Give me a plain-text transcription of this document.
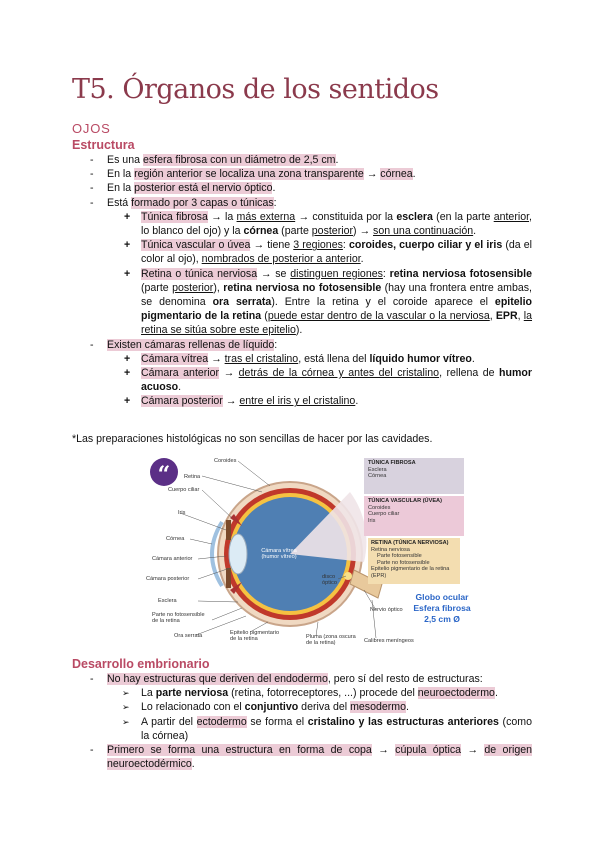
T5. Órganos de los sentidos
OJOS
Estructura
- Es una esfera fibrosa con un diámetro de 2,5 cm.
- En la región anterior se localiza una zona transparente → córnea.
- En la posterior está el nervio óptico.
- Está formado por 3 capas o túnicas:
+ Túnica fibrosa → la más externa → constituida por la esclera (en la parte anterior, lo blanco del ojo) y la córnea (parte posterior) → son una continuación.
+ Túnica vascular o úvea → tiene 3 regiones: coroides, cuerpo ciliar y el iris (da el color al ojo), nombrados de posterior a anterior.
+ Retina o túnica nerviosa → se distinguen regiones: retina nerviosa fotosensible (parte posterior), retina nerviosa no fotosensible (hay una frontera entre ambas, se denomina ora serrata). Entre la retina y el coroide aparece el epitelio pigmentario de la retina (puede estar dentro de la vascular o la nerviosa, EPR, la retina se sitúa sobre este epitelio).
- Existen cámaras rellenas de líquido:
+ Cámara vítrea → tras el cristalino, está llena del líquido humor vítreo.
+ Cámara anterior → detrás de la córnea y antes del cristalino, rellena de humor acuoso.
+ Cámara posterior → entre el iris y el cristalino.
*Las preparaciones histológicas no son sencillas de hacer por las cavidades.
“
Coroides
Retina
Cuerpo ciliar
Iris
Córnea
Cámara anterior
Cámara posterior
Esclera
Parte no fotosensible de la retina
Ora serrata	Epitelio pigmentario de la retina	Pluma (zona oscura de la retina)
Cámara vítrea (humor vítreo)
disco óptico
Nervio óptico
Calibres meníngeos
TÚNICA FIBROSA
Esclera
Córnea
TÚNICA VASCULAR (ÚVEA)
Coroides
Cuerpo ciliar
Iris
RETINA (TÚNICA NERVIOSA)
Retina nerviosa
Parte fotosensible
Parte no fotosensible
Epitelio pigmentario de la retina (EPR)
Globo ocular
Esfera fibrosa
2,5 cm Ø
Desarrollo embrionario
- No hay estructuras que deriven del endodermo, pero sí del resto de estructuras:
➢ La parte nerviosa (retina, fotorreceptores, ...) procede del neuroectodermo.
➢ Lo relacionado con el conjuntivo deriva del mesodermo.
➢ A partir del ectodermo se forma el cristalino y las estructuras anteriores (como la córnea)
- Primero se forma una estructura en forma de copa → cúpula óptica → de origen neuroectodérmico.
